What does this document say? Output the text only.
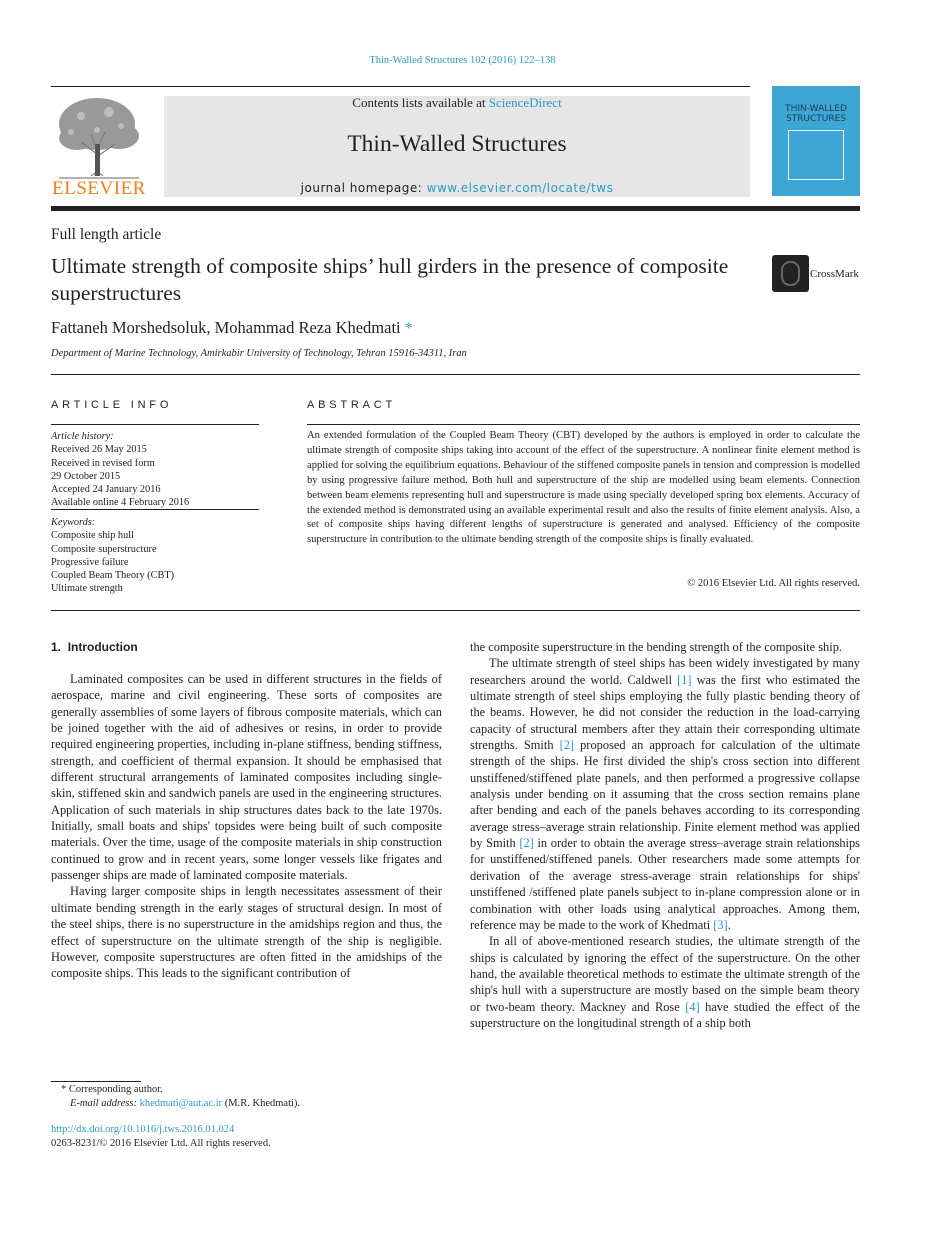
Thin-Walled Structures 102 (2016) 122–138
ELSEVIER
Contents lists available at ScienceDirect
Thin-Walled Structures
journal homepage: www.elsevier.com/locate/tws
THIN-WALLED STRUCTURES
Full length article
Ultimate strength of composite ships’ hull girders in the presence of composite superstructures
CrossMark
Fattaneh Morshedsoluk, Mohammad Reza Khedmati *
Department of Marine Technology, Amirkabir University of Technology, Tehran 15916-34311, Iran
ARTICLE INFO	ABSTRACT
Article history:
Received 26 May 2015
Received in revised form
29 October 2015
Accepted 24 January 2016
Available online 4 February 2016
Keywords:
Composite ship hull
Composite superstructure
Progressive failure
Coupled Beam Theory (CBT)
Ultimate strength
An extended formulation of the Coupled Beam Theory (CBT) developed by the authors is employed in order to calculate the ultimate strength of composite ships taking into account of the effect of the superstructure. A nonlinear finite element method is applied for solving the equilibrium equations. Behaviour of the stiffened composite panels in tension and compression is modelled by using progressive failure method. Both hull and superstructure of the ship are modelled using beam elements. Connection between beam elements representing hull and superstructure is made using specially developed spring box elements. Accuracy of the extended method is demonstrated using an available experimental result and also the results of finite element analysis. Also, a set of composite ships having different lengths of superstructure is generated and analysed. Efficiency of the composite superstructure in contribution to the ultimate bending strength of the composite ships is finally evaluated.
© 2016 Elsevier Ltd. All rights reserved.
1. Introduction

Laminated composites can be used in different structures in the fields of aerospace, marine and civil engineering. These sorts of composites are generally assemblies of some layers of fibrous composite materials, which can be joined together with the aid of adhesives or resins, in order to provide required engineering properties, including in-plane stiffness, bending stiffness, strength, and coefficient of thermal expansion. It should be emphasised that different structural arrangements of laminated composites including single-skin, stiffened skin and sandwich panels are used in the engineering structures. Application of such materials in ship structures dates back to the late 1970s. Initially, small boats and ships' topsides were being built of such composite materials. Over the time, usage of the composite materials in ship construction continued to grow and in recent years, some longer vessels like frigates and passenger ships are made of laminated composite materials.

Having larger composite ships in length necessitates assessment of their ultimate bending strength in the early stages of structural design. In most of the steel ships, there is no superstructure in the amidships region and thus, the effect of superstructure on the ultimate strength of the ship is negligible. However, composite superstructures are often fitted in the amidships of the composite ships. This leads to the significant contribution of

the composite superstructure in the bending strength of the composite ship.

The ultimate strength of steel ships has been widely investigated by many researchers around the world. Caldwell [1] was the first who estimated the ultimate strength of steel ships employing the fully plastic bending theory of the beams. However, he did not consider the reduction in the load-carrying capacity of structural members after they attain their corresponding ultimate strengths. Smith [2] proposed an approach for calculation of the ultimate strength of the ships. He first divided the ship's cross section into different unstiffened/stiffened plate panels, and then performed a progressive collapse analysis under bending on it assuming that the cross section remains plane after bending and each of the panels behaves according to its corresponding average stress–average strain relationship. Finite element method was applied by Smith [2] in order to obtain the average stress–average strain relationships for unstiffened/stiffened panels. Other researchers made some attempts for derivation of the average stress-average strain relationships for ships' unstiffened /stiffened plate panels subject to in-plane compression alone or in combination with other loads using analytical approaches. Among them, reference may be made to the work of Khedmati [3].

In all of above-mentioned research studies, the ultimate strength of the ships is calculated by ignoring the effect of the superstructure. On the other hand, the available theoretical methods to estimate the ultimate strength of the ship's hull with a superstructure are mostly based on the simple beam theory or two-beam theory. Mackney and Rose [4] have studied the effect of the superstructure on the longitudinal strength of a ship both

* Corresponding author.
E-mail address: khedmati@aut.ac.ir (M.R. Khedmati).
http://dx.doi.org/10.1016/j.tws.2016.01.024
0263-8231/© 2016 Elsevier Ltd. All rights reserved.
